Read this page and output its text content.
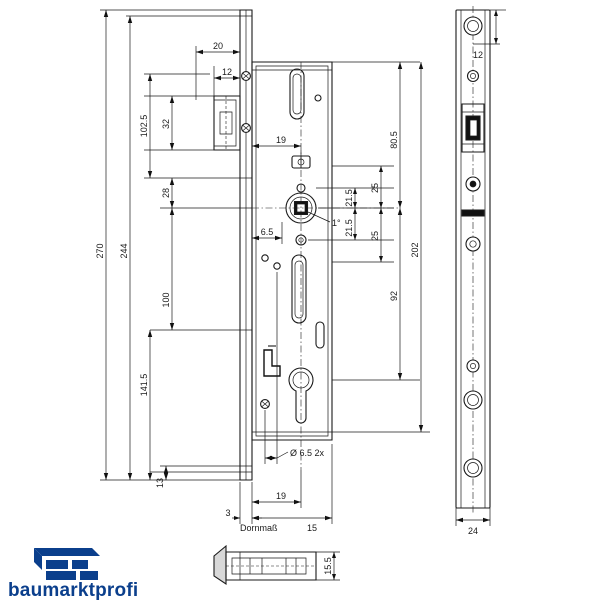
270 244
141.5
102.5 32
28
100
13
20
12
19
6.5
1°
Ø 6.5 2x
19
3
15
Dornmaß
21.5
21.5
25
25
80.5
202
92
12
24
15.5
baumarktprofi
